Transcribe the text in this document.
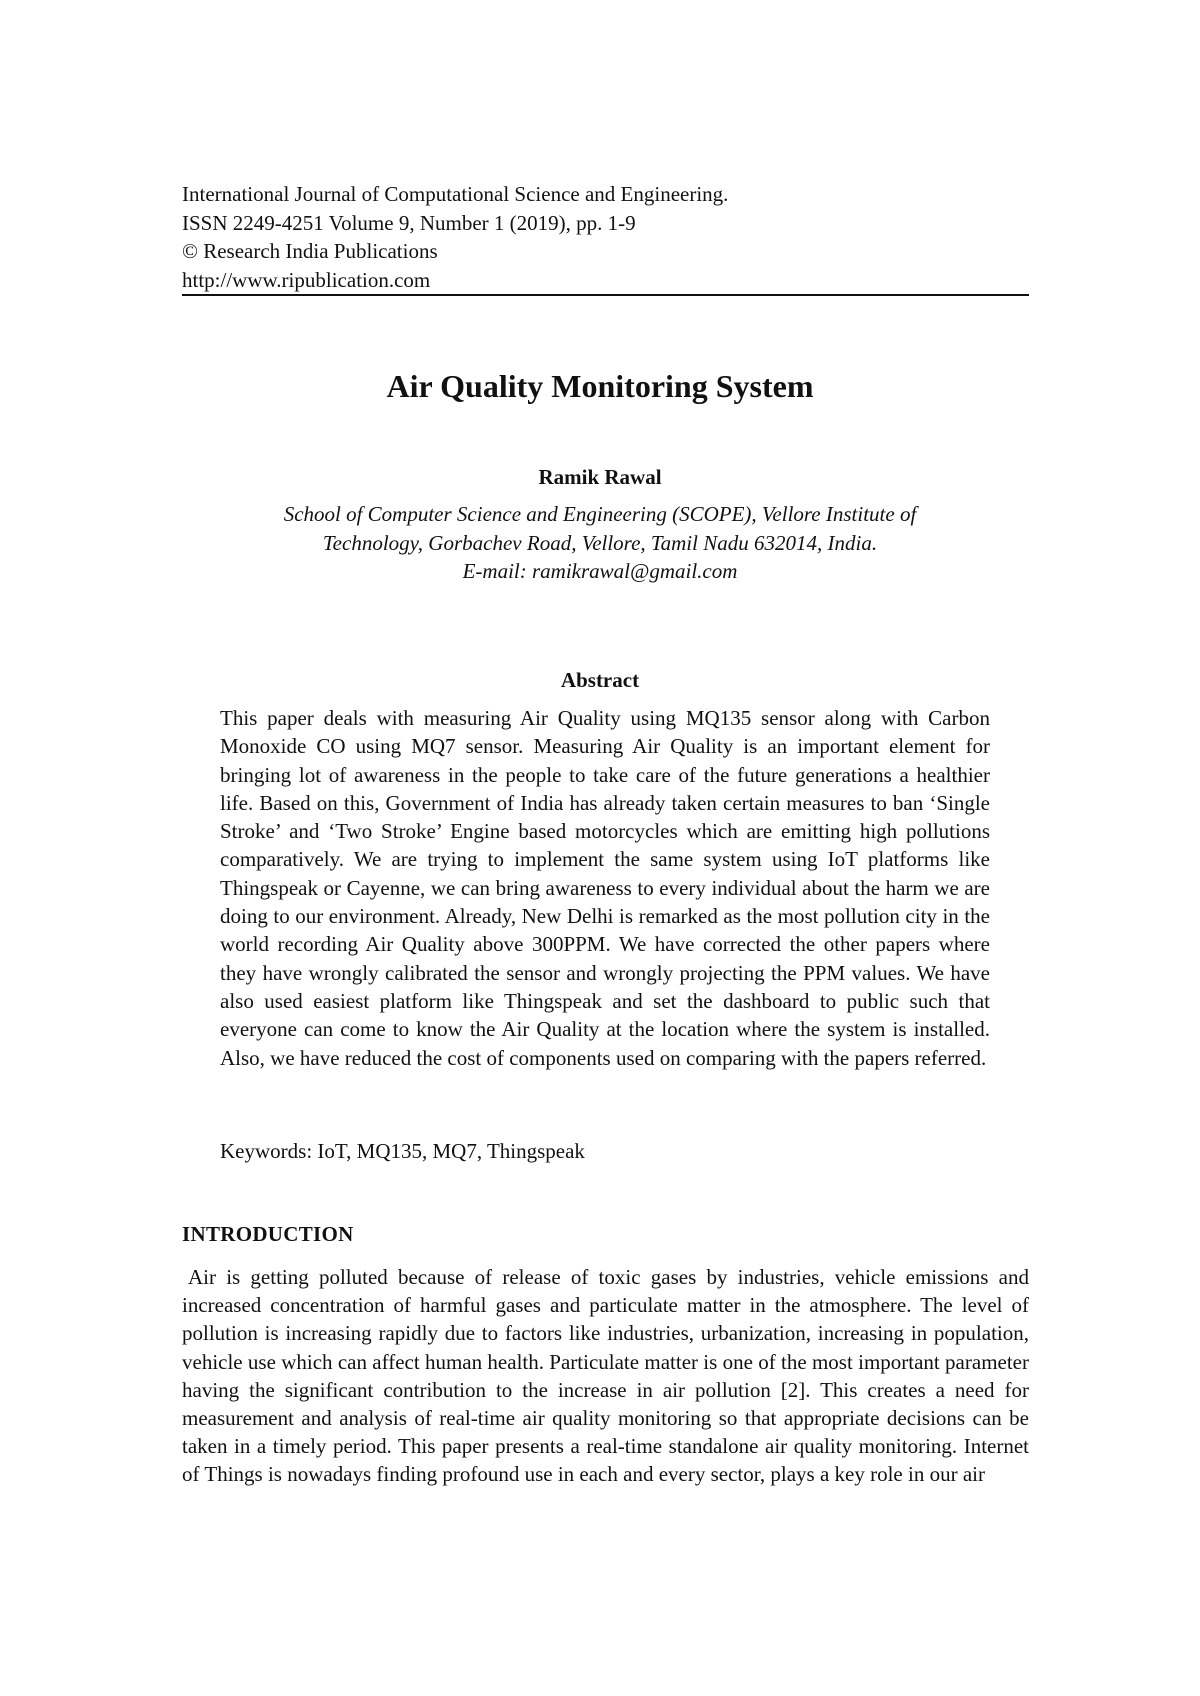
International Journal of Computational Science and Engineering.
ISSN 2249-4251 Volume 9, Number 1 (2019), pp. 1-9
© Research India Publications
http://www.ripublication.com
Air Quality Monitoring System
Ramik Rawal
School of Computer Science and Engineering (SCOPE), Vellore Institute of
Technology, Gorbachev Road, Vellore, Tamil Nadu 632014, India.
E-mail: ramikrawal@gmail.com
Abstract
This paper deals with measuring Air Quality using MQ135 sensor along with Carbon Monoxide CO using MQ7 sensor. Measuring Air Quality is an important element for bringing lot of awareness in the people to take care of the future generations a healthier life. Based on this, Government of India has already taken certain measures to ban ‘Single Stroke’ and ‘Two Stroke’ Engine based motorcycles which are emitting high pollutions comparatively. We are trying to implement the same system using IoT platforms like Thingspeak or Cayenne, we can bring awareness to every individual about the harm we are doing to our environment. Already, New Delhi is remarked as the most pollution city in the world recording Air Quality above 300PPM. We have corrected the other papers where they have wrongly calibrated the sensor and wrongly projecting the PPM values. We have also used easiest platform like Thingspeak and set the dashboard to public such that everyone can come to know the Air Quality at the location where the system is installed. Also, we have reduced the cost of components used on comparing with the papers referred.
Keywords: IoT, MQ135, MQ7, Thingspeak
INTRODUCTION
Air is getting polluted because of release of toxic gases by industries, vehicle emissions and increased concentration of harmful gases and particulate matter in the atmosphere. The level of pollution is increasing rapidly due to factors like industries, urbanization, increasing in population, vehicle use which can affect human health. Particulate matter is one of the most important parameter having the significant contribution to the increase in air pollution [2]. This creates a need for measurement and analysis of real-time air quality monitoring so that appropriate decisions can be taken in a timely period. This paper presents a real-time standalone air quality monitoring. Internet of Things is nowadays finding profound use in each and every sector, plays a key role in our air
